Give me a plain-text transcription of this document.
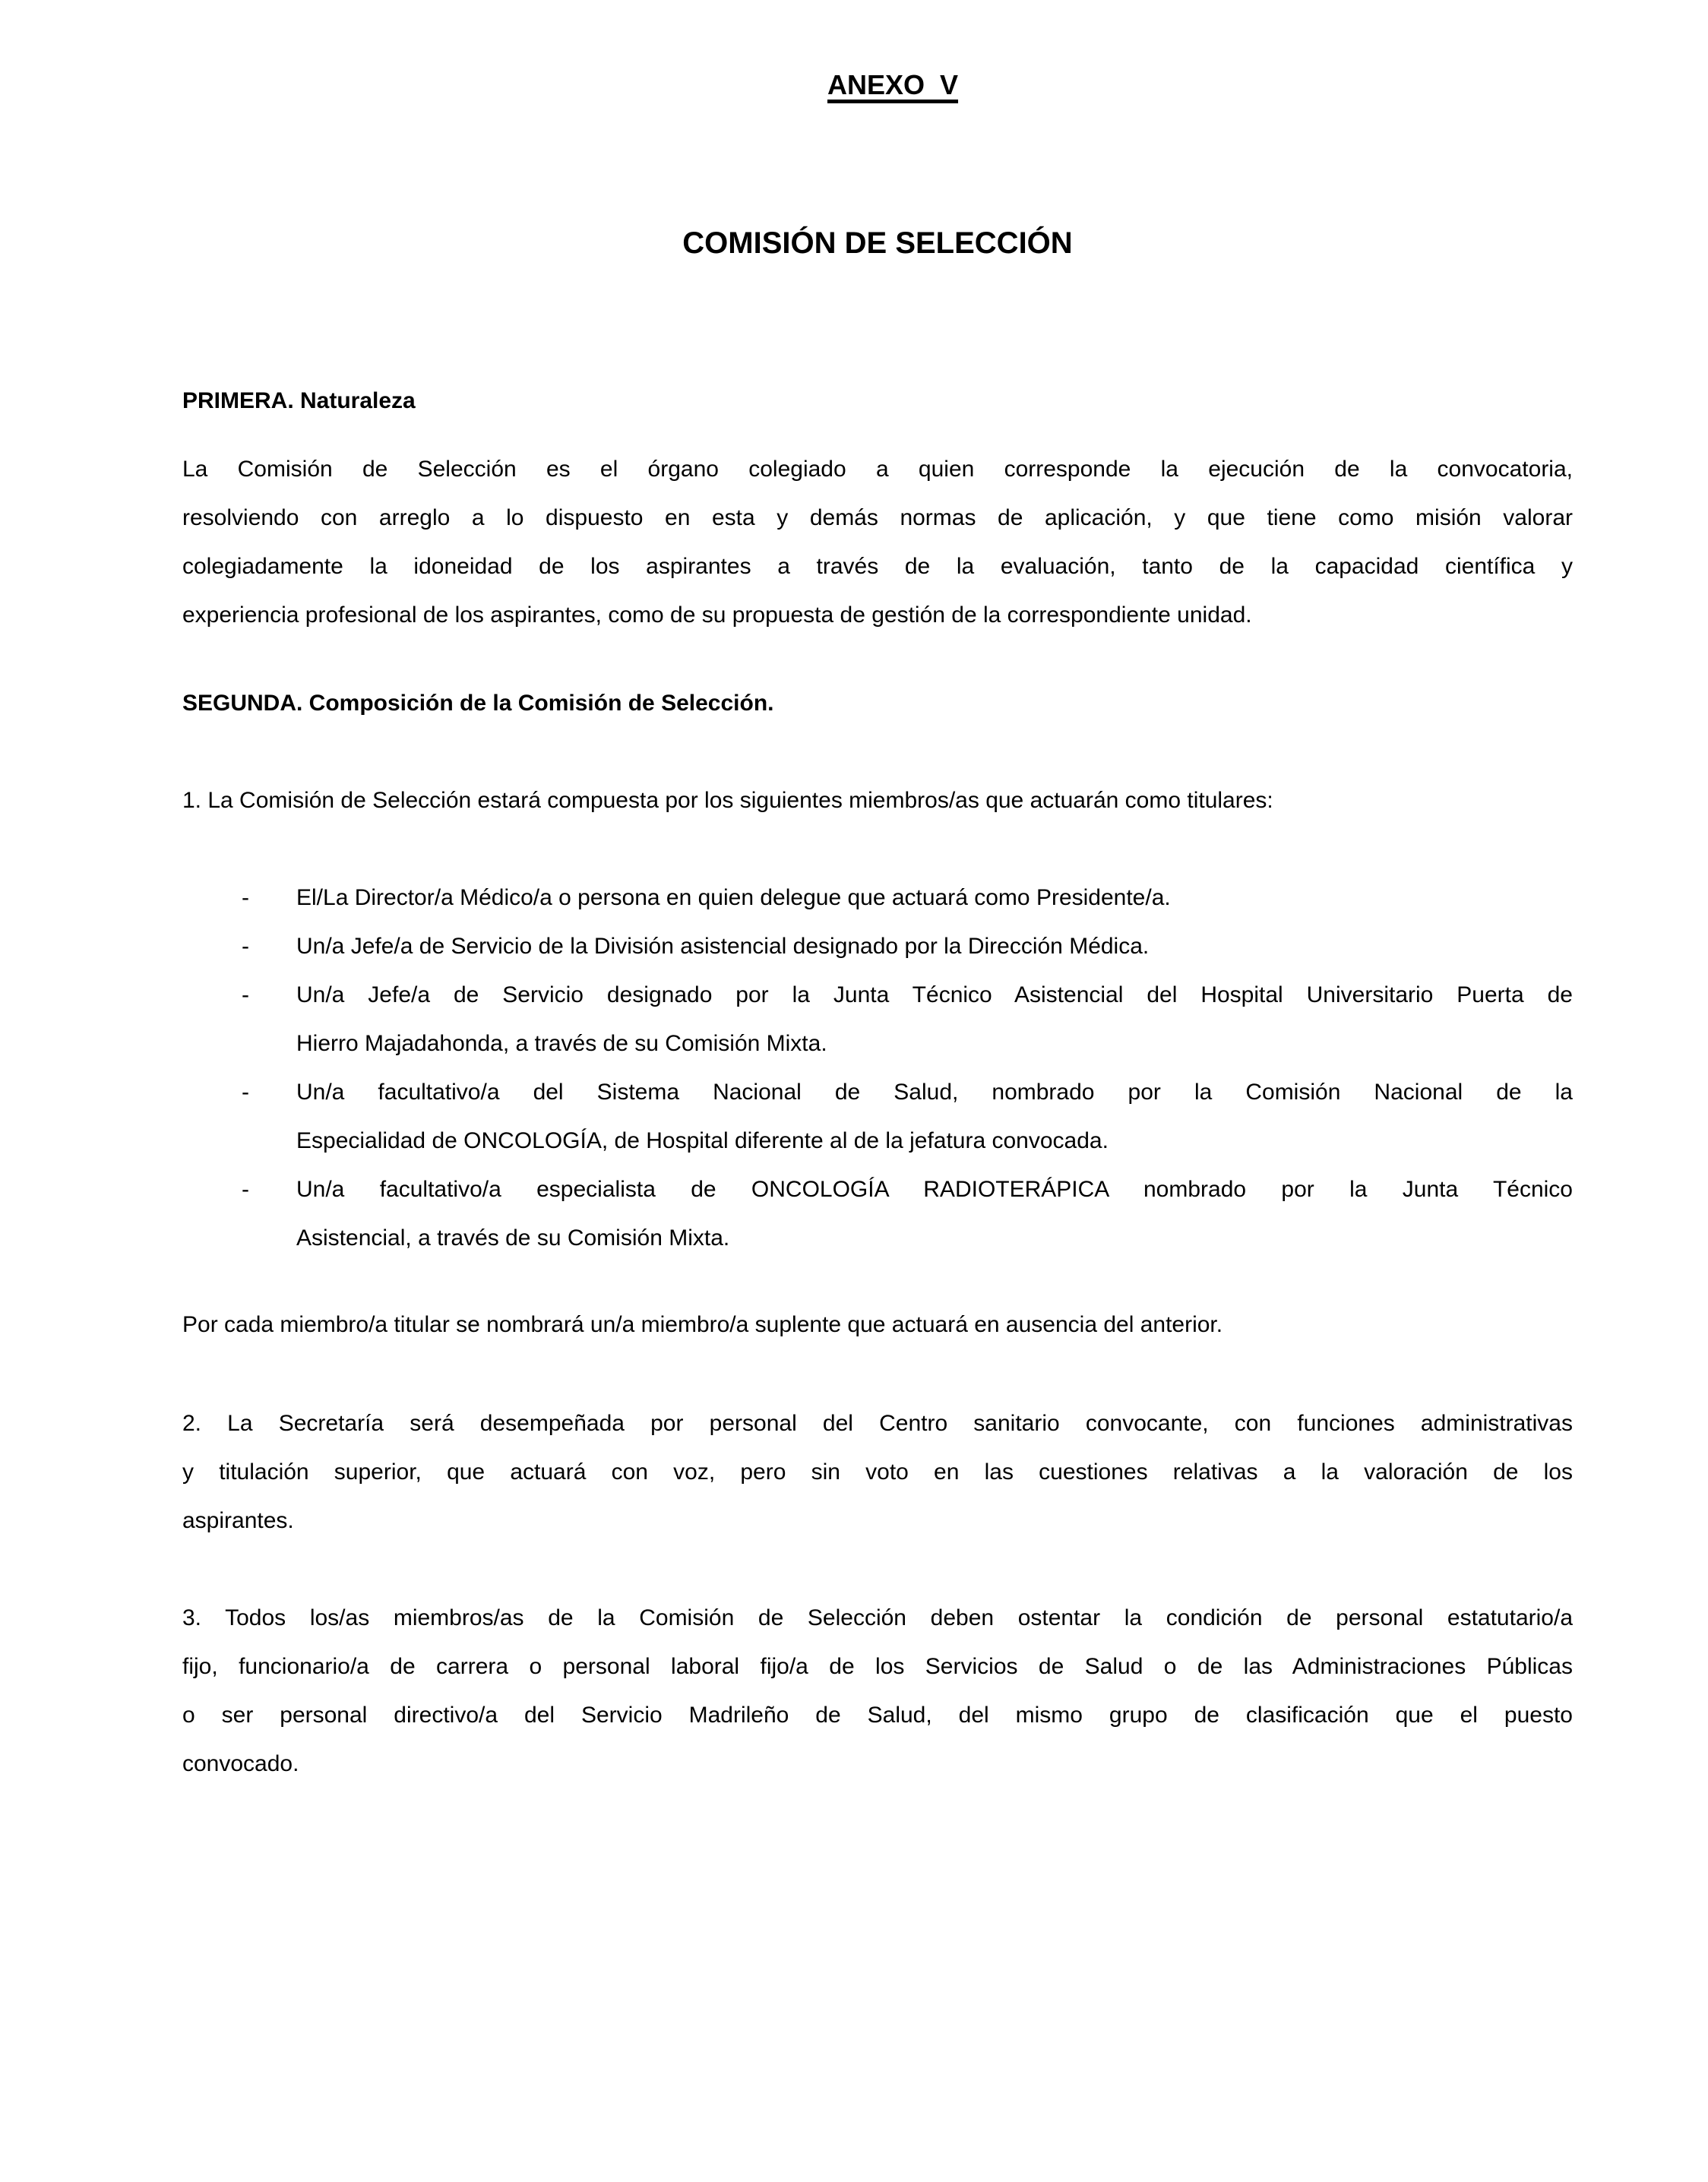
ANEXO  V

COMISIÓN DE SELECCIÓN
PRIMERA. Naturaleza
La Comisión de Selección es el órgano colegiado a quien corresponde la ejecución de la convocatoria,
resolviendo con arreglo a lo dispuesto en esta y demás normas de aplicación, y que tiene como misión valorar
colegiadamente la idoneidad de los aspirantes a través de la evaluación, tanto de la capacidad científica y
experiencia profesional de los aspirantes, como de su propuesta de gestión de la correspondiente unidad.
SEGUNDA. Composición de la Comisión de Selección.
1. La Comisión de Selección estará compuesta por los siguientes miembros/as que actuarán como titulares:
- El/La Director/a Médico/a o persona en quien delegue que actuará como Presidente/a.
- Un/a Jefe/a de Servicio de la División asistencial designado por la Dirección Médica.
- Un/a Jefe/a de Servicio designado por la Junta Técnico Asistencial del Hospital Universitario Puerta de
Hierro Majadahonda, a través de su Comisión Mixta.
- Un/a facultativo/a del Sistema Nacional de Salud, nombrado por la Comisión Nacional de la
Especialidad de ONCOLOGÍA, de Hospital diferente al de la jefatura convocada.
- Un/a facultativo/a especialista de ONCOLOGÍA RADIOTERÁPICA nombrado por la Junta Técnico
Asistencial, a través de su Comisión Mixta.
Por cada miembro/a titular se nombrará un/a miembro/a suplente que actuará en ausencia del anterior.
2. La Secretaría será desempeñada por personal del Centro sanitario convocante, con funciones administrativas
y titulación superior, que actuará con voz, pero sin voto en las cuestiones relativas a la valoración de los
aspirantes.
3. Todos los/as miembros/as de la Comisión de Selección deben ostentar la condición de personal estatutario/a
fijo, funcionario/a de carrera o personal laboral fijo/a de los Servicios de Salud o de las Administraciones Públicas
o ser personal directivo/a del Servicio Madrileño de Salud, del mismo grupo de clasificación que el puesto
convocado.
